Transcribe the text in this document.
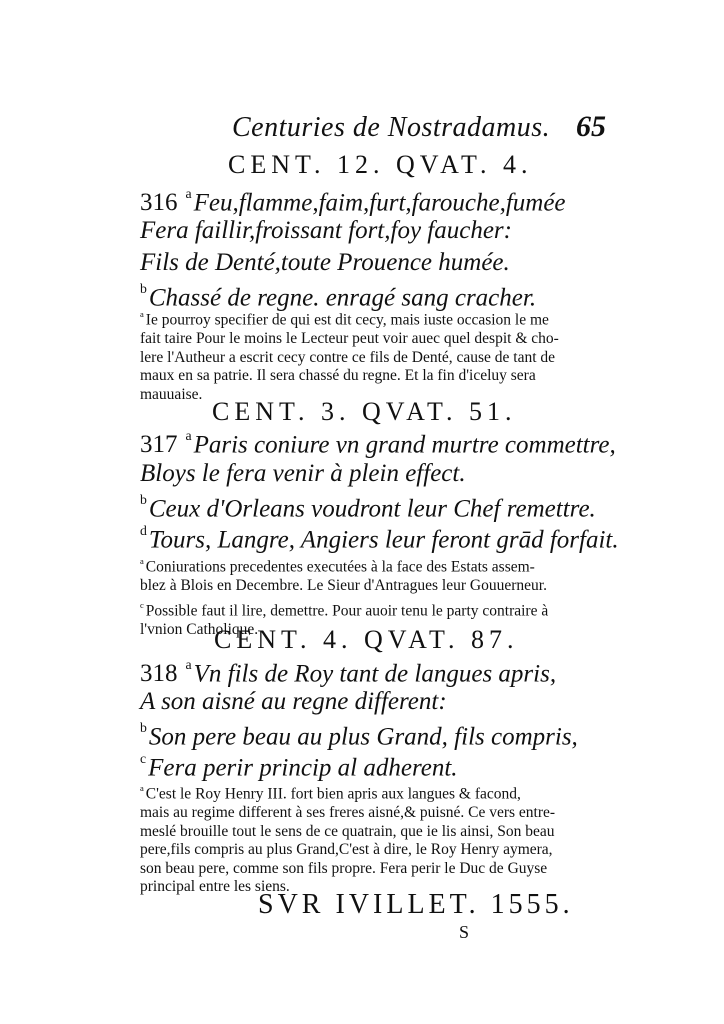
Centuries de Nostradamus. 65
CENT. 12. QVAT. 4.
316 $^a$Feu,flamme,faim,furt,farouche,fumée
Fera faillir,froissant fort,foy faucher:
Fils de Denté,toute Prouence humée.
$^b$Chassé de regne. enragé sang cracher.
$^a$ Ie pourroy specifier de qui est dit cecy, mais iuste occasion le me
fait taire Pour le moins le Lecteur peut voir auec quel despit & cho-
lere l'Autheur a escrit cecy contre ce fils de Denté, cause de tant de
maux en sa patrie. Il sera chassé du regne. Et la fin d'iceluy sera
mauuaise.
CENT. 3. QVAT. 51.
317 $^a$Paris coniure vn grand murtre commettre,
Bloys le fera venir à plein effect.
$^b$Ceux d'Orleans voudront leur Chef remettre.
$^d$Tours, Langre, Angiers leur feront grād forfait.
$^a$ Coniurations precedentes executées à la face des Estats assem-
blez à Blois en Decembre. Le Sieur d'Antragues leur Gouuerneur.
$^c$ Possible faut il lire, demettre. Pour auoir tenu le party contraire à
l'vnion Catholique.
CENT. 4. QVAT. 87.
318 $^a$Vn fils de Roy tant de langues apris,
A son aisné au regne different:
$^b$Son pere beau au plus Grand, fils compris,
$^c$Fera perir princip al adherent.
$^a$ C'est le Roy Henry III. fort bien apris aux langues & facond,
mais au regime different à ses freres aisné,& puisné. Ce vers entre-
meslé brouille tout le sens de ce quatrain, que ie lis ainsi, Son beau
pere,fils compris au plus Grand,C'est à dire, le Roy Henry aymera,
son beau pere, comme son fils propre. Fera perir le Duc de Guyse
principal entre les siens.
SVR IVILLET. 1555.
S
